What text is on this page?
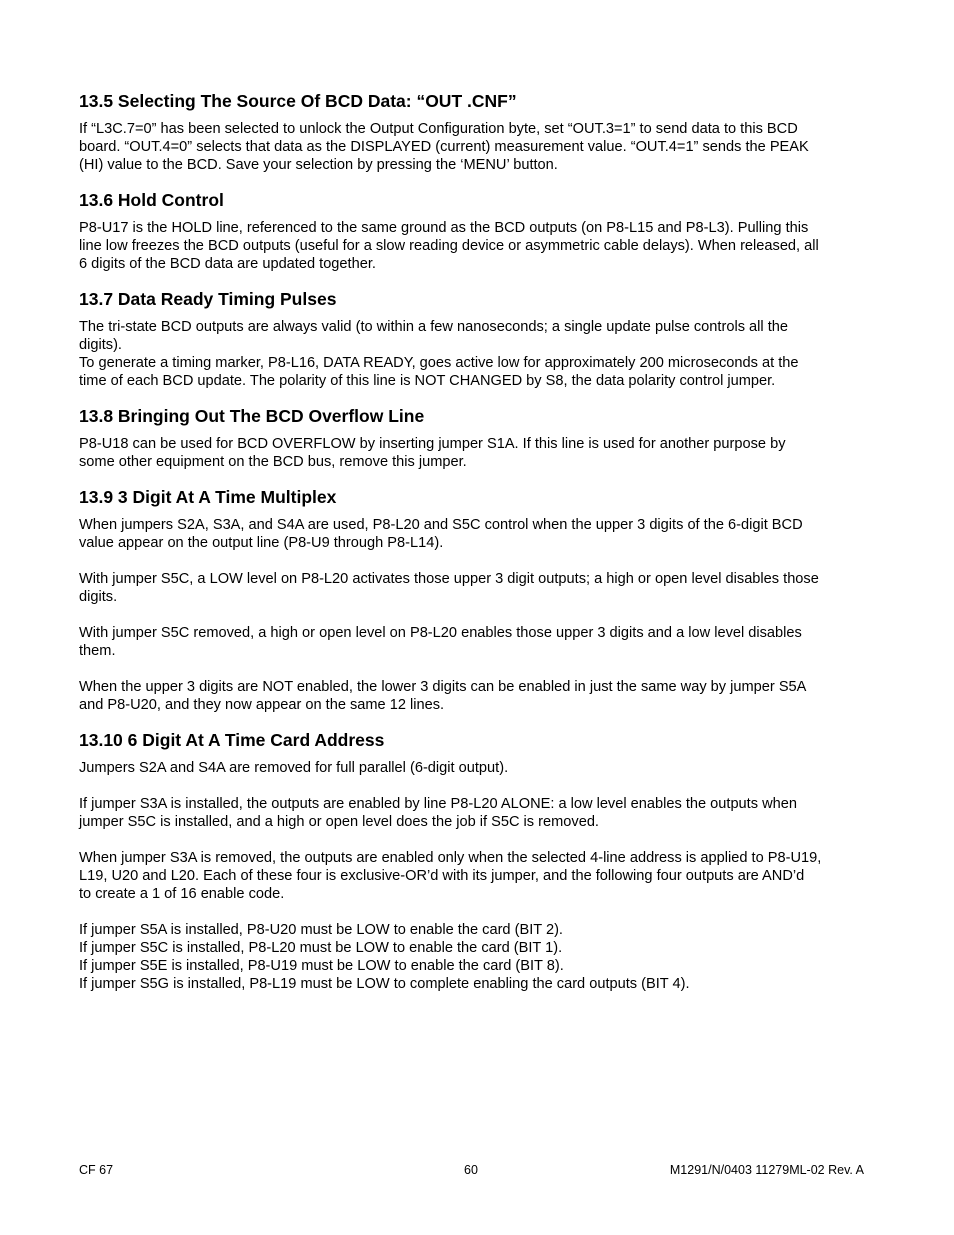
13.5 Selecting The Source Of BCD Data: “OUT .CNF”

If “L3C.7=0” has been selected to unlock the Output Configuration byte, set “OUT.3=1” to send data to this BCD
board. “OUT.4=0” selects that data as the DISPLAYED (current) measurement value. “OUT.4=1” sends the PEAK
(HI) value to the BCD. Save your selection by pressing the ‘MENU’ button.

13.6 Hold Control

P8-U17 is the HOLD line, referenced to the same ground as the BCD outputs (on P8-L15 and P8-L3). Pulling this
line low freezes the BCD outputs (useful for a slow reading device or asymmetric cable delays). When released, all
6 digits of the BCD data are updated together.

13.7 Data Ready Timing Pulses

The tri-state BCD outputs are always valid (to within a few nanoseconds; a single update pulse controls all the
digits).
To generate a timing marker, P8-L16, DATA READY, goes active low for approximately 200 microseconds at the
time of each BCD update. The polarity of this line is NOT CHANGED by S8, the data polarity control jumper.

13.8 Bringing Out The BCD Overflow Line

P8-U18 can be used for BCD OVERFLOW by inserting jumper S1A. If this line is used for another purpose by
some other equipment on the BCD bus, remove this jumper.

13.9 3 Digit At A Time Multiplex

When jumpers S2A, S3A, and S4A are used, P8-L20 and S5C control when the upper 3 digits of the 6-digit BCD
value appear on the output line (P8-U9 through P8-L14).

With jumper S5C, a LOW level on P8-L20 activates those upper 3 digit outputs; a high or open level disables those
digits.

With jumper S5C removed, a high or open level on P8-L20 enables those upper 3 digits and a low level disables
them.

When the upper 3 digits are NOT enabled, the lower 3 digits can be enabled in just the same way by jumper S5A
and P8-U20, and they now appear on the same 12 lines.

13.10 6 Digit At A Time Card Address

Jumpers S2A and S4A are removed for full parallel (6-digit output).

If jumper S3A is installed, the outputs are enabled by line P8-L20 ALONE: a low level enables the outputs when
jumper S5C is installed, and a high or open level does the job if S5C is removed.

When jumper S3A is removed, the outputs are enabled only when the selected 4-line address is applied to P8-U19,
L19, U20 and L20. Each of these four is exclusive-OR’d with its jumper, and the following four outputs are AND’d
to create a 1 of 16 enable code.

If jumper S5A is installed, P8-U20 must be LOW to enable the card (BIT 2).
If jumper S5C is installed, P8-L20 must be LOW to enable the card (BIT 1).
If jumper S5E is installed, P8-U19 must be LOW to enable the card (BIT 8).
If jumper S5G is installed, P8-L19 must be LOW to complete enabling the card outputs (BIT 4).

CF 67	60	M1291/N/0403 11279ML-02 Rev. A
